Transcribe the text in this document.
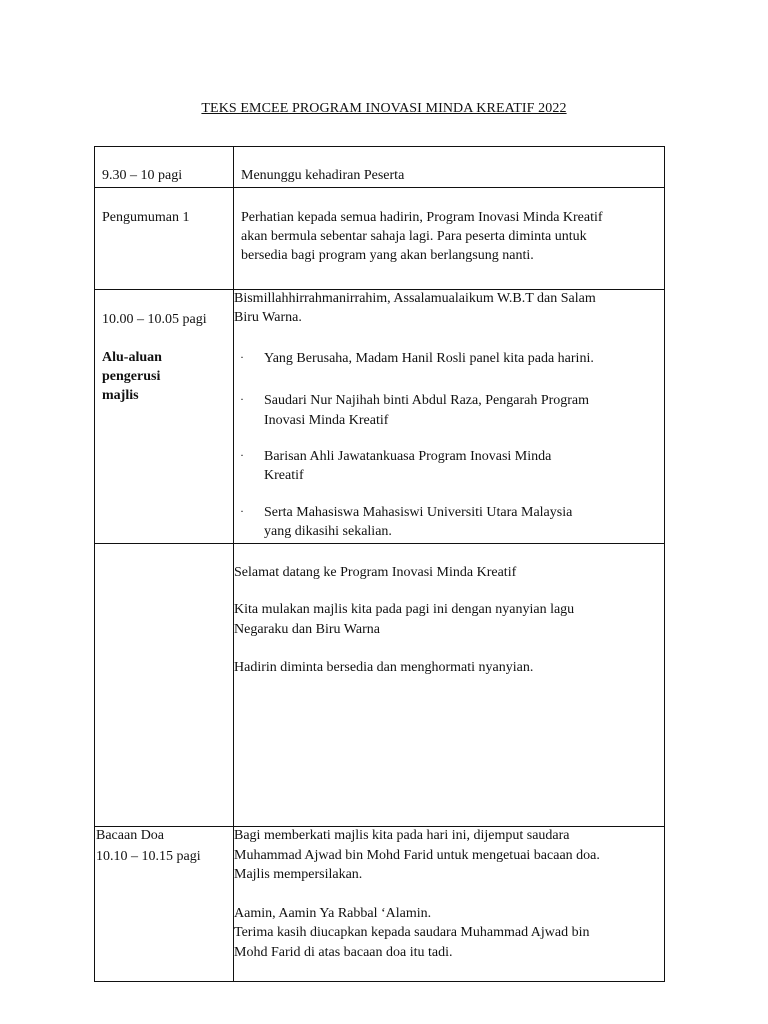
TEKS EMCEE PROGRAM INOVASI MINDA KREATIF 2022
9.30 – 10 pagi	Menunggu kehadiran Peserta
Pengumuman 1	Perhatian kepada semua hadirin, Program Inovasi Minda Kreatif
akan bermula sebentar sahaja lagi. Para peserta diminta untuk
bersedia bagi program yang akan berlangsung nanti.
10.00 – 10.05 pagi
Alu-aluan
pengerusi
majlis
Bismillahhirrahmanirrahim, Assalamualaikum W.B.T dan Salam
Biru Warna.
· Yang Berusaha, Madam Hanil Rosli panel kita pada harini.
· Saudari Nur Najihah binti Abdul Raza, Pengarah Program
Inovasi Minda Kreatif
· Barisan Ahli Jawatankuasa Program Inovasi Minda
Kreatif
· Serta Mahasiswa Mahasiswi Universiti Utara Malaysia
yang dikasihi sekalian.
Selamat datang ke Program Inovasi Minda Kreatif
Kita mulakan majlis kita pada pagi ini dengan nyanyian lagu
Negaraku dan Biru Warna
Hadirin diminta bersedia dan menghormati nyanyian.
Bacaan Doa
10.10 – 10.15 pagi
Bagi memberkati majlis kita pada hari ini, dijemput saudara
Muhammad Ajwad bin Mohd Farid untuk mengetuai bacaan doa.
Majlis mempersilakan.
Aamin, Aamin Ya Rabbal ‘Alamin.
Terima kasih diucapkan kepada saudara Muhammad Ajwad bin
Mohd Farid di atas bacaan doa itu tadi.
